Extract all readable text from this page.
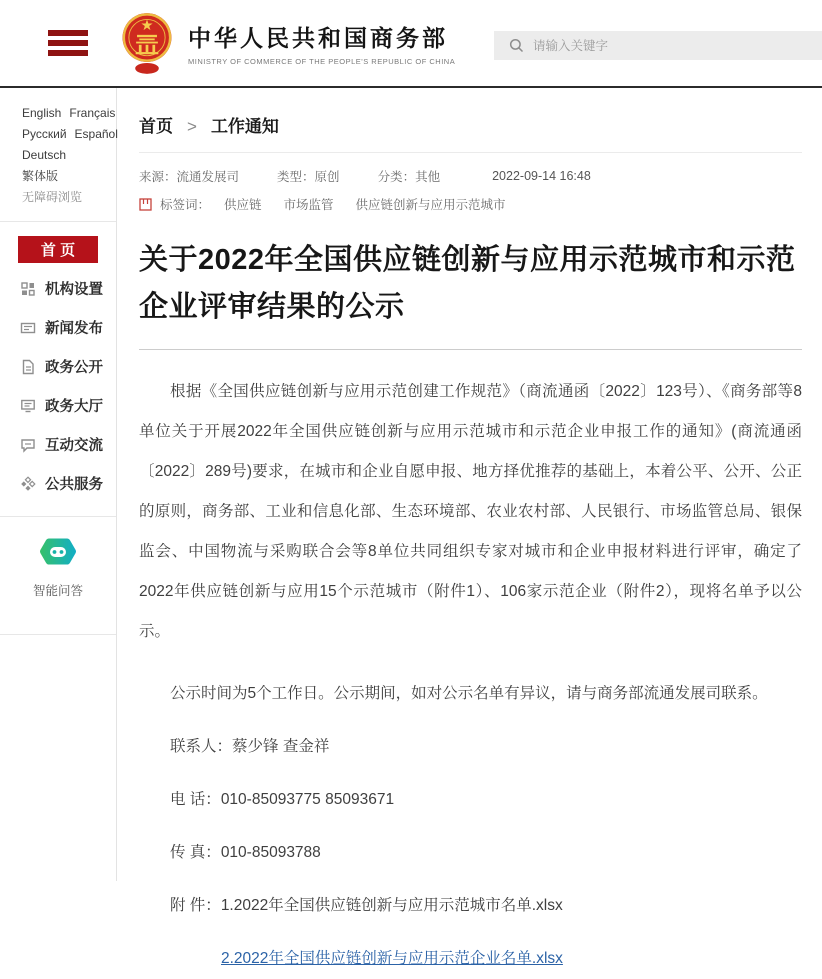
中华人民共和国商务部
MINISTRY OF COMMERCE OF THE PEOPLE'S REPUBLIC OF CHINA
请输入关键字
English Français
Русский Español
Deutsch繁体版
无障碍浏览
首 页
机构设置
新闻发布
政务公开
政务大厅
互动交流
公共服务
智能问答
首页 > 工作通知
来源：流通发展司	类型：原创	分类：其他	2022-09-14 16:48
标签词： 供应链 市场监管 供应链创新与应用示范城市
关于2022年全国供应链创新与应用示范城市和示范企业评审结果的公示

根据《全国供应链创新与应用示范创建工作规范》（商流通函〔2022〕123号）、《商务部等8单位关于开展2022年全国供应链创新与应用示范城市和示范企业申报工作的通知》(商流通函〔2022〕289号)要求，在城市和企业自愿申报、地方择优推荐的基础上，本着公平、公开、公正的原则，商务部、工业和信息化部、生态环境部、农业农村部、人民银行、市场监管总局、银保监会、中国物流与采购联合会等8单位共同组织专家对城市和企业申报材料进行评审，确定了2022年供应链创新与应用15个示范城市（附件1）、106家示范企业（附件2），现将名单予以公示。

公示时间为5个工作日。公示期间，如对公示名单有异议，请与商务部流通发展司联系。

联系人：蔡少锋 查金祥
电 话：010-85093775 85093671
传 真：010-85093788
附 件：1.2022年全国供应链创新与应用示范城市名单.xlsx
2.2022年全国供应链创新与应用示范企业名单.xlsx
